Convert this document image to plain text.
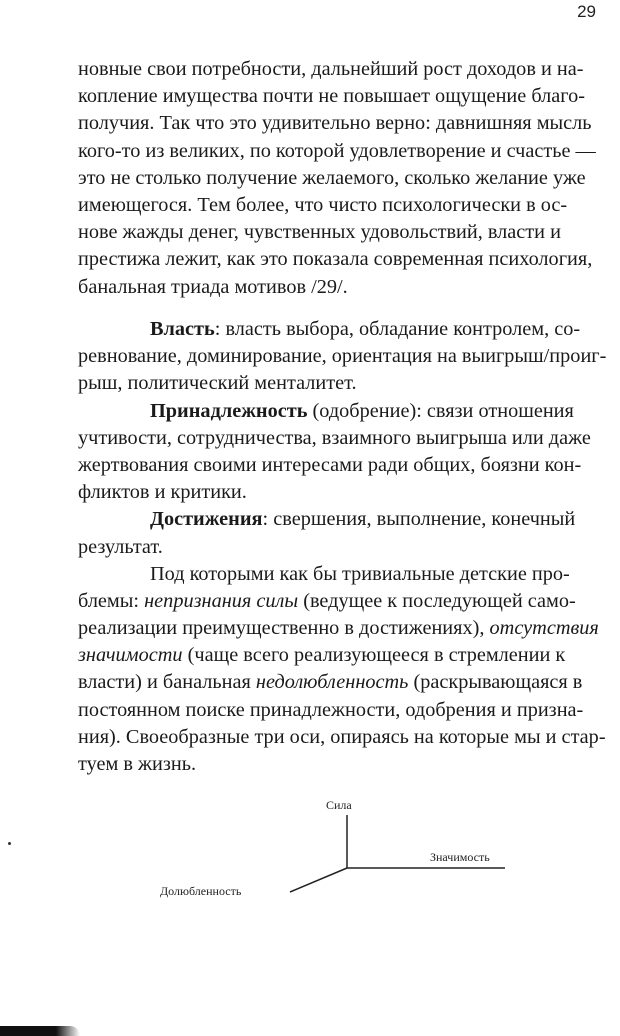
29
новные свои потребности, дальнейший рост доходов и на-
копление имущества почти не повышает ощущение благо-
получия. Так что это удивительно верно: давнишняя мысль
кого-то из великих, по которой удовлетворение и счастье —
это не столько получение желаемого, сколько желание уже
имеющегося. Тем более, что чисто психологически в ос-
нове жажды денег, чувственных удовольствий, власти и
престижа лежит, как это показала современная психология,
банальная триада мотивов /29/.
Власть: власть выбора, обладание контролем, со-
ревнование, доминирование, ориентация на выигрыш/проиг-
рыш, политический менталитет.
Принадлежность (одобрение): связи отношения
учтивости, сотрудничества, взаимного выигрыша или даже
жертвования своими интересами ради общих, боязни кон-
фликтов и критики.
Достижения: свершения, выполнение, конечный
результат.
Под которыми как бы тривиальные детские про-
блемы: непризнания силы (ведущее к последующей само-
реализации преимущественно в достижениях), отсутствия
значимости (чаще всего реализующееся в стремлении к
власти) и банальная недолюбленность (раскрывающаяся в
постоянном поиске принадлежности, одобрения и призна-
ния). Своеобразные три оси, опираясь на которые мы и стар-
туем в жизнь.
Сила
Значимость
Долюбленность
